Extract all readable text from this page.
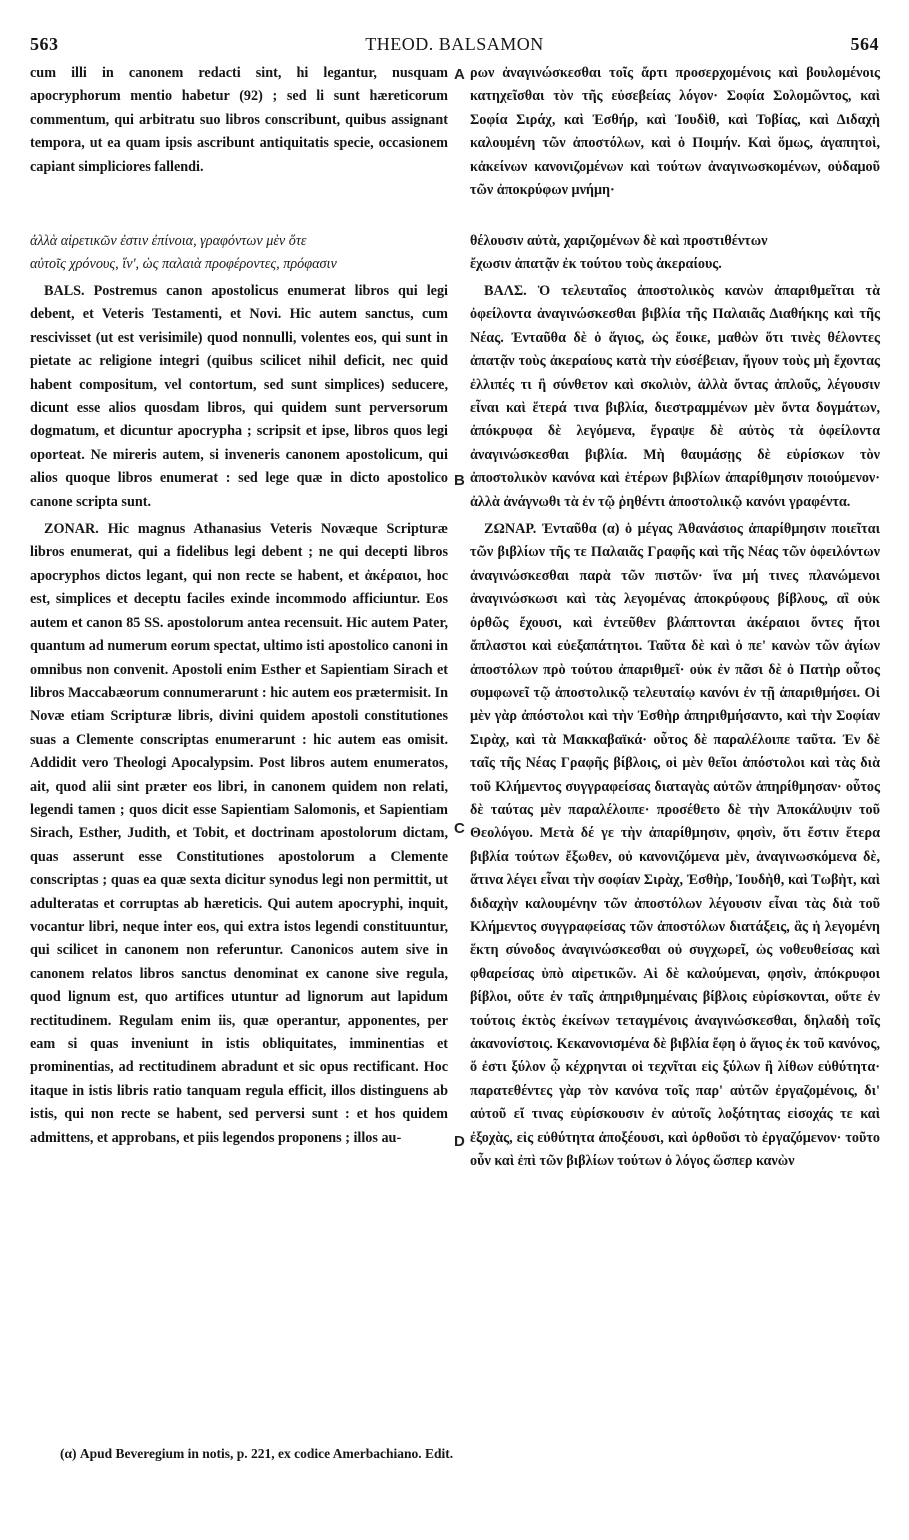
563	THEOD. BALSAMON	564

cum illi in canonem redacti sint, hi legantur, nusquam apocryphorum mentio habetur (92) ; sed li sunt hæreticorum commentum, qui arbitratu suo libros conscribunt, quibus assignant tempora, ut ea quam ipsis ascribunt antiquitatis specie, occasionem capiant simpliciores fallendi.

ρων ἀναγινώσκεσθαι τοῖς ἄρτι προσερχομένοις καὶ βουλομένοις κατηχεῖσθαι τὸν τῆς εὐσεβείας λόγον· Σοφία Σολομῶντος, καὶ Σοφία Σιράχ, καὶ Ἐσθήρ, καὶ Ἰουδὶθ, καὶ Τοβίας, καὶ Διδαχὴ καλουμένη τῶν ἀποστόλων, καὶ ὁ Ποιμήν. Καὶ ὅμως, ἀγαπητοὶ, κἀκείνων κανονιζομένων καὶ τούτων ἀναγινωσκομένων, οὐδαμοῦ τῶν ἀποκρύφων μνήμη·

ἀλλὰ αἱρετικῶν ἐστιν ἐπίνοια, γραφόντων μὲν ὅτε	θέλουσιν αὐτὰ, χαριζομένων δὲ καὶ προστιθέντων
αὐτοῖς χρόνους, ἵν', ὡς παλαιὰ προφέροντες, πρόφασιν	ἔχωσιν ἀπατᾷν ἐκ τούτου τοὺς ἀκεραίους.

BALS. Postremus canon apostolicus enumerat libros qui legi debent, et Veteris Testamenti, et Novi. Hic autem sanctus, cum rescivisset (ut est verisimile) quod nonnulli, volentes eos, qui sunt in pietate ac religione integri (quibus scilicet nihil deficit, nec quid habent compositum, vel contortum, sed sunt simplices) seducere, dicunt esse alios quosdam libros, qui quidem sunt perversorum dogmatum, et dicuntur apocrypha ; scripsit et ipse, libros quos legi oporteat. Ne mireris autem, si inveneris canonem apostolicum, qui alios quoque libros enumerat : sed lege quæ in dicto apostolico canone scripta sunt.

ZONAR. Hic magnus Athanasius Veteris Novæque Scripturæ libros enumerat, qui a fidelibus legi debent ; ne qui decepti libros apocryphos dictos legant, qui non recte se habent, et ἀκέραιοι, hoc est, simplices et deceptu faciles exinde incommodo afficiuntur. Eos autem et canon 85 SS. apostolorum antea recensuit. Hic autem Pater, quantum ad numerum eorum spectat, ultimo isti apostolico canoni in omnibus non convenit. Apostoli enim Esther et Sapientiam Sirach et libros Maccabæorum connumerarunt : hic autem eos prætermisit. In Novæ etiam Scripturæ libris, divini quidem apostoli constitutiones suas a Clemente conscriptas enumerarunt : hic autem eas omisit. Addidit vero Theologi Apocalypsim. Post libros autem enumeratos, ait, quod alii sint præter eos libri, in canonem quidem non relati, legendi tamen ; quos dicit esse Sapientiam Salomonis, et Sapientiam Sirach, Esther, Judith, et Tobit, et doctrinam apostolorum dictam, quas asserunt esse Constitutiones apostolorum a Clemente conscriptas ; quas ea quæ sexta dicitur synodus legi non permittit, ut adulteratas et corruptas ab hæreticis. Qui autem apocryphi, inquit, vocantur libri, neque inter eos, qui extra istos legendi constituuntur, qui scilicet in canonem non referuntur. Canonicos autem sive in canonem relatos libros sanctus denominat ex canone sive regula, quod lignum est, quo artifices utuntur ad lignorum aut lapidum rectitudinem. Regulam enim iis, quæ operantur, apponentes, per eam si quas inveniunt in istis obliquitates, imminentias et prominentias, ad rectitudinem abradunt et sic opus rectificant. Hoc itaque in istis libris ratio tanquam regula efficit, illos distinguens ab istis, qui non recte se habent, sed perversi sunt : et hos quidem admittens, et approbans, et piis legendos proponens ; illos au-

ΒΑΛΣ. Ὁ τελευταῖος ἀποστολικὸς κανὼν ἀπαριθμεῖται τὰ ὀφείλοντα ἀναγινώσκεσθαι βιβλία τῆς Παλαιᾶς Διαθήκης καὶ τῆς Νέας. Ἐνταῦθα δὲ ὁ ἅγιος, ὡς ἔοικε, μαθὼν ὅτι τινὲς θέλοντες ἀπατᾷν τοὺς ἀκεραίους κατὰ τὴν εὐσέβειαν, ἤγουν τοὺς μὴ ἔχοντας ἐλλιπές τι ἢ σύνθετον καὶ σκολιὸν, ἀλλὰ ὄντας ἁπλοῦς, λέγουσιν εἶναι καὶ ἕτερά τινα βιβλία, διεστραμμένων μὲν ὄντα δογμάτων, ἀπόκρυφα δὲ λεγόμενα, ἔγραψε δὲ αὐτὸς τὰ ὀφείλοντα ἀναγινώσκεσθαι βιβλία. Μὴ θαυμάσῃς δὲ εὑρίσκων τὸν ἀποστολικὸν κανόνα καὶ ἑτέρων βιβλίων ἀπαρίθμησιν ποιούμενον· ἀλλὰ ἀνάγνωθι τὰ ἐν τῷ ῥηθέντι ἀποστολικῷ κανόνι γραφέντα.

ΖΩΝΑΡ. Ἐνταῦθα (α) ὁ μέγας Ἀθανάσιος ἀπαρίθμησιν ποιεῖται τῶν βιβλίων τῆς τε Παλαιᾶς Γραφῆς καὶ τῆς Νέας τῶν ὀφειλόντων ἀναγινώσκεσθαι παρὰ τῶν πιστῶν· ἵνα μή τινες πλανώμενοι ἀναγινώσκωσι καὶ τὰς λεγομένας ἀποκρύφους βίβλους, αἳ οὐκ ὀρθῶς ἔχουσι, καὶ ἐντεῦθεν βλάπτονται ἀκέραιοι ὄντες ἤτοι ἄπλαστοι καὶ εὐεξαπάτητοι. Ταῦτα δὲ καὶ ὁ πε' κανὼν τῶν ἁγίων ἀποστόλων πρὸ τούτου ἀπαριθμεῖ· οὐκ ἐν πᾶσι δὲ ὁ Πατὴρ οὗτος συμφωνεῖ τῷ ἀποστολικῷ τελευταίῳ κανόνι ἐν τῇ ἀπαριθμήσει. Οἱ μὲν γὰρ ἀπόστολοι καὶ τὴν Ἐσθὴρ ἀπηριθμήσαντο, καὶ τὴν Σοφίαν Σιρὰχ, καὶ τὰ Μακκαβαϊκά· οὗτος δὲ παραλέλοιπε ταῦτα. Ἐν δὲ ταῖς τῆς Νέας Γραφῆς βίβλοις, οἱ μὲν θεῖοι ἀπόστολοι καὶ τὰς διὰ τοῦ Κλήμεντος συγγραφείσας διαταγὰς αὐτῶν ἀπηρίθμησαν· οὗτος δὲ ταύτας μὲν παραλέλοιπε· προσέθετο δὲ τὴν Ἀποκάλυψιν τοῦ Θεολόγου. Μετὰ δέ γε τὴν ἀπαρίθμησιν, φησὶν, ὅτι ἔστιν ἕτερα βιβλία τούτων ἔξωθεν, οὐ κανονιζόμενα μὲν, ἀναγινωσκόμενα δὲ, ἅτινα λέγει εἶναι τὴν σοφίαν Σιρὰχ, Ἐσθὴρ, Ἰουδὴθ, καὶ Τωβὴτ, καὶ διδαχὴν καλουμένην τῶν ἀποστόλων λέγουσιν εἶναι τὰς διὰ τοῦ Κλήμεντος συγγραφείσας τῶν ἀποστόλων διατάξεις, ἃς ἡ λεγομένη ἕκτη σύνοδος ἀναγινώσκεσθαι οὐ συγχωρεῖ, ὡς νοθευθείσας καὶ φθαρείσας ὑπὸ αἱρετικῶν. Αἱ δὲ καλούμεναι, φησὶν, ἀπόκρυφοι βίβλοι, οὔτε ἐν ταῖς ἀπηριθμημέναις βίβλοις εὑρίσκονται, οὔτε ἐν τούτοις ἐκτὸς ἐκείνων τεταγμένοις ἀναγινώσκεσθαι, δηλαδὴ τοῖς ἀκανονίστοις. Κεκανονισμένα δὲ βιβλία ἔφη ὁ ἅγιος ἐκ τοῦ κανόνος, ὅ ἐστι ξύλον ᾧ κέχρηνται οἱ τεχνῖται εἰς ξύλων ἢ λίθων εὐθύτητα· παρατεθέντες γὰρ τὸν κανόνα τοῖς παρ' αὐτῶν ἐργαζομένοις, δι' αὐτοῦ εἴ τινας εὑρίσκουσιν ἐν αὐτοῖς λοξότητας εἰσοχάς τε καὶ ἐξοχὰς, εἰς εὐθύτητα ἀποξέουσι, καὶ ὀρθοῦσι τὸ ἐργαζόμενον· τοῦτο οὖν καὶ ἐπὶ τῶν βιβλίων τούτων ὁ λόγος ὥσπερ κανὼν

A
B
C
D
(α) Apud Beveregium in notis, p. 221, ex codice Amerbachiano. Edit.
